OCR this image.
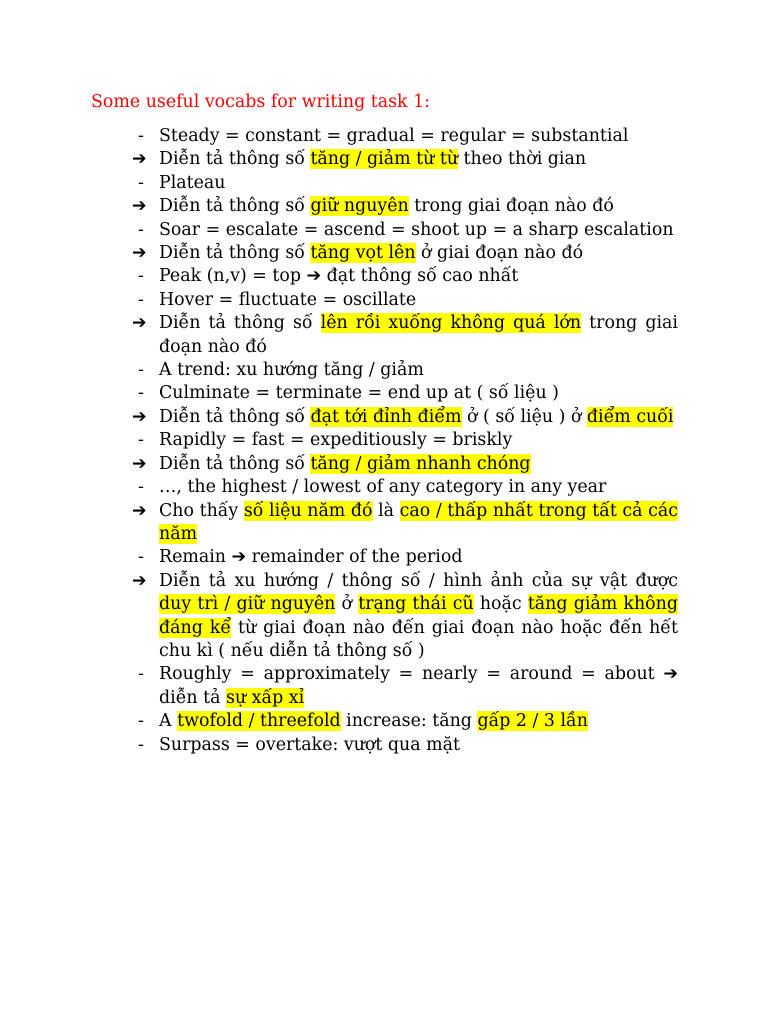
Some useful vocabs for writing task 1:
- Steady = constant = gradual = regular = substantial
➔ Diễn tả thông số tăng / giảm từ từ theo thời gian
- Plateau
➔ Diễn tả thông số giữ nguyên trong giai đoạn nào đó
- Soar = escalate = ascend = shoot up = a sharp escalation
➔ Diễn tả thông số tăng vọt lên ở giai đoạn nào đó
- Peak (n,v) = top ➔ đạt thông số cao nhất
- Hover = fluctuate = oscillate
➔ Diễn tả thông số lên rồi xuống không quá lớn trong giai đoạn nào đó
- A trend: xu hướng tăng / giảm
- Culminate = terminate = end up at ( số liệu )
➔ Diễn tả thông số đạt tới đỉnh điểm ở ( số liệu ) ở điểm cuối
- Rapidly = fast = expeditiously = briskly
➔ Diễn tả thông số tăng / giảm nhanh chóng
- …, the highest / lowest of any category in any year
➔ Cho thấy số liệu năm đó là cao / thấp nhất trong tất cả các năm
- Remain ➔ remainder of the period
➔ Diễn tả xu hướng / thông số / hình ảnh của sự vật được duy trì / giữ nguyên ở trạng thái cũ hoặc tăng giảm không đáng kể từ giai đoạn nào đến giai đoạn nào hoặc đến hết chu kì ( nếu diễn tả thông số )
- Roughly = approximately = nearly = around = about ➔ diễn tả sự xấp xỉ
- A twofold / threefold increase: tăng gấp 2 / 3 lần
- Surpass = overtake: vượt qua mặt
